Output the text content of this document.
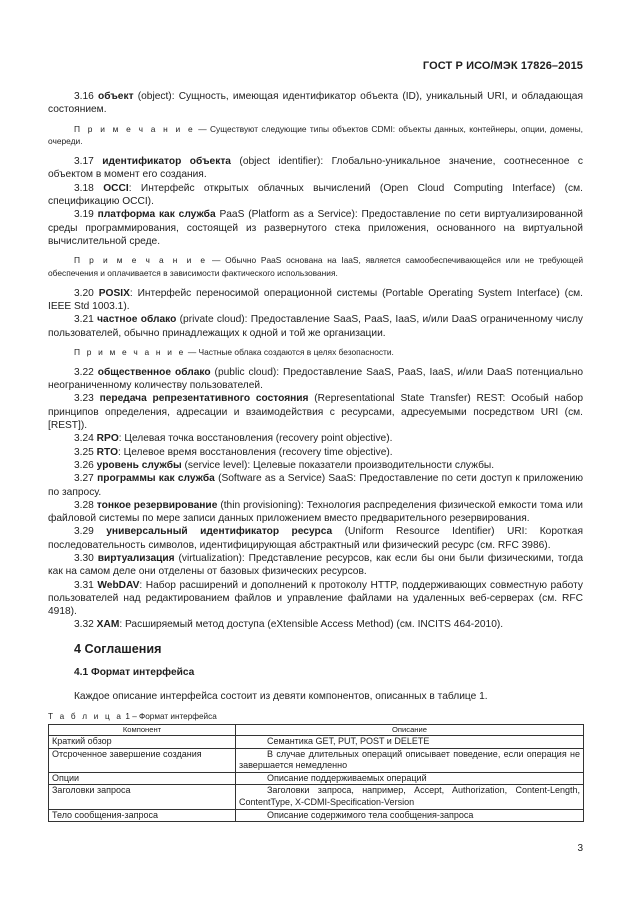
ГОСТ Р ИСО/МЭК 17826–2015

3.16 объект (object): Сущность, имеющая идентификатор объекта (ID), уникальный URI, и обладающая состоянием.

П р и м е ч а н и е — Существуют следующие типы объектов CDMI: объекты данных, контейнеры, опции, домены, очереди.

3.17 идентификатор объекта (object identifier): Глобально-уникальное значение, соотнесенное с объектом в момент его создания.

3.18 OCCI: Интерфейс открытых облачных вычислений (Open Cloud Computing Interface) (см. спецификацию OCCI).

3.19 платформа как служба PaaS (Platform as a Service): Предоставление по сети виртуализированной среды программирования, состоящей из развернутого стека приложения, основанного на виртуальной вычислительной среде.

П р и м е ч а н и е — Обычно PaaS основана на IaaS, является самообеспечивающейся или не требующей обеспечения и оплачивается в зависимости фактического использования.

3.20 POSIX: Интерфейс переносимой операционной системы (Portable Operating System Interface) (см. IEEE Std 1003.1).

3.21 частное облако (private cloud): Предоставление SaaS, PaaS, IaaS, и/или DaaS ограниченному числу пользователей, обычно принадлежащих к одной и той же организации.

П р и м е ч а н и е — Частные облака создаются в целях безопасности.

3.22 общественное облако (public cloud): Предоставление SaaS, PaaS, IaaS, и/или DaaS потенциально неограниченному количеству пользователей.

3.23 передача репрезентативного состояния (Representational State Transfer) REST: Особый набор принципов определения, адресации и взаимодействия с ресурсами, адресуемыми посредством URI (см. [REST]).

3.24 RPO: Целевая точка восстановления (recovery point objective).

3.25 RTO: Целевое время восстановления (recovery time objective).

3.26 уровень службы (service level): Целевые показатели производительности службы.

3.27 программы как служба (Software as a Service) SaaS: Предоставление по сети доступ к приложению по запросу.

3.28 тонкое резервирование (thin provisioning): Технология распределения физической емкости тома или файловой системы по мере записи данных приложением вместо предварительного резервирования.

3.29 универсальный идентификатор ресурса (Uniform Resource Identifier) URI: Короткая последовательность символов, идентифицирующая абстрактный или физический ресурс (см. RFC 3986).

3.30 виртуализация (virtualization): Представление ресурсов, как если бы они были физическими, тогда как на самом деле они отделены от базовых физических ресурсов.

3.31 WebDAV: Набор расширений и дополнений к протоколу HTTP, поддерживающих совместную работу пользователей над редактированием файлов и управление файлами на удаленных веб-серверах (см. RFC 4918).

3.32 XAM: Расширяемый метод доступа (eXtensible Access Method) (см. INCITS 464-2010).

4 Соглашения
4.1 Формат интерфейса

Каждое описание интерфейса состоит из девяти компонентов, описанных в таблице 1.

Т а б л и ц а 1 – Формат интерфейса
Компонент	Описание
Краткий обзор	Семантика GET, PUT, POST и DELETE

Отсроченное завершение создания	В случае длительных операций описывает поведение, если операция не завершается немедленно

Опции	Описание поддерживаемых операций

Заголовки запроса	Заголовки запроса, например, Accept, Authorization, Content-Length, ContentType, X-CDMI-Specification-Version

Тело сообщения-запроса	Описание содержимого тела сообщения-запроса
3
